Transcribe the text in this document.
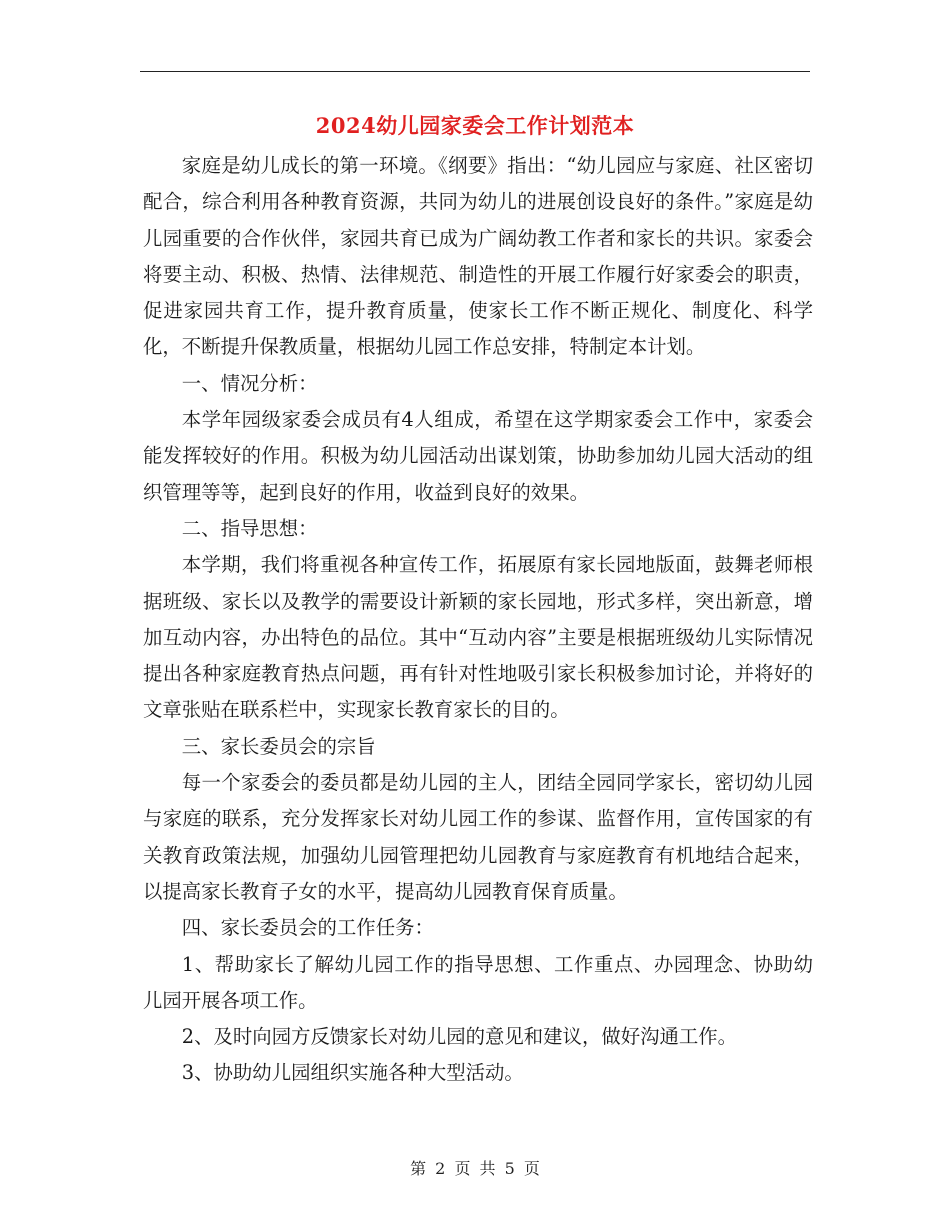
2024幼儿园家委会工作计划范本

家庭是幼儿成长的第一环境。《纲要》指出：“幼儿园应与家庭、社区密切配合，综合利用各种教育资源，共同为幼儿的进展创设良好的条件。”家庭是幼儿园重要的合作伙伴，家园共育已成为广阔幼教工作者和家长的共识。家委会将要主动、积极、热情、法律规范、制造性的开展工作履行好家委会的职责，促进家园共育工作，提升教育质量，使家长工作不断正规化、制度化、科学化，不断提升保教质量，根据幼儿园工作总安排，特制定本计划。

一、情况分析：

本学年园级家委会成员有4人组成，希望在这学期家委会工作中，家委会能发挥较好的作用。积极为幼儿园活动出谋划策，协助参加幼儿园大活动的组织管理等等，起到良好的作用，收益到良好的效果。

二、指导思想：

本学期，我们将重视各种宣传工作，拓展原有家长园地版面，鼓舞老师根据班级、家长以及教学的需要设计新颖的家长园地，形式多样，突出新意，增加互动内容，办出特色的品位。其中“互动内容”主要是根据班级幼儿实际情况提出各种家庭教育热点问题，再有针对性地吸引家长积极参加讨论，并将好的文章张贴在联系栏中，实现家长教育家长的目的。

三、家长委员会的宗旨

每一个家委会的委员都是幼儿园的主人，团结全园同学家长，密切幼儿园与家庭的联系，充分发挥家长对幼儿园工作的参谋、监督作用，宣传国家的有关教育政策法规，加强幼儿园管理把幼儿园教育与家庭教育有机地结合起来，以提高家长教育子女的水平，提高幼儿园教育保育质量。

四、家长委员会的工作任务：

1、帮助家长了解幼儿园工作的指导思想、工作重点、办园理念、协助幼儿园开展各项工作。

2、及时向园方反馈家长对幼儿园的意见和建议，做好沟通工作。

3、协助幼儿园组织实施各种大型活动。

第 2 页 共 5 页
